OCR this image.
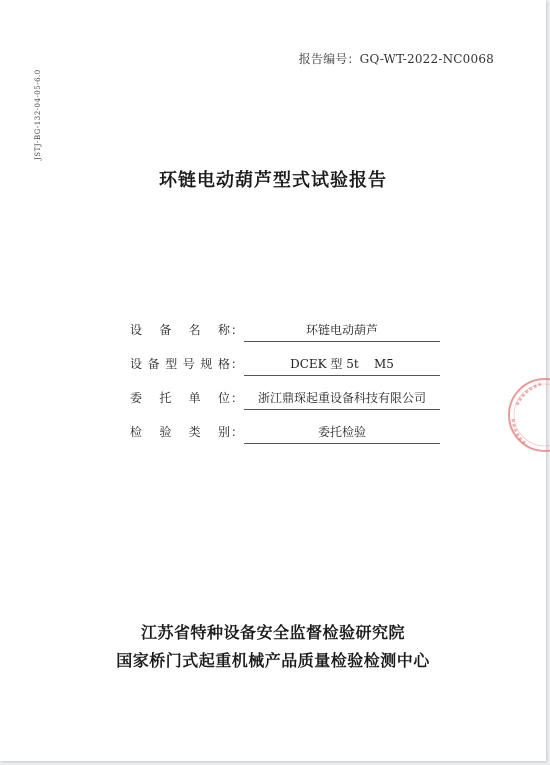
报告编号：GQ-WT-2022-NC0068
JSTJ-BG-132-04-05-6.0
环链电动葫芦型式试验报告
设备名称 ：	环链电动葫芦
设备型号规格 ：	DCEK 型 5t    M5
委托单位 ：	浙江鼎琛起重设备科技有限公司
检验类别 ：	委托检验
江苏省特种设备安全监督检验研究院
国家桥门式起重机械产品质量检验检测中心
